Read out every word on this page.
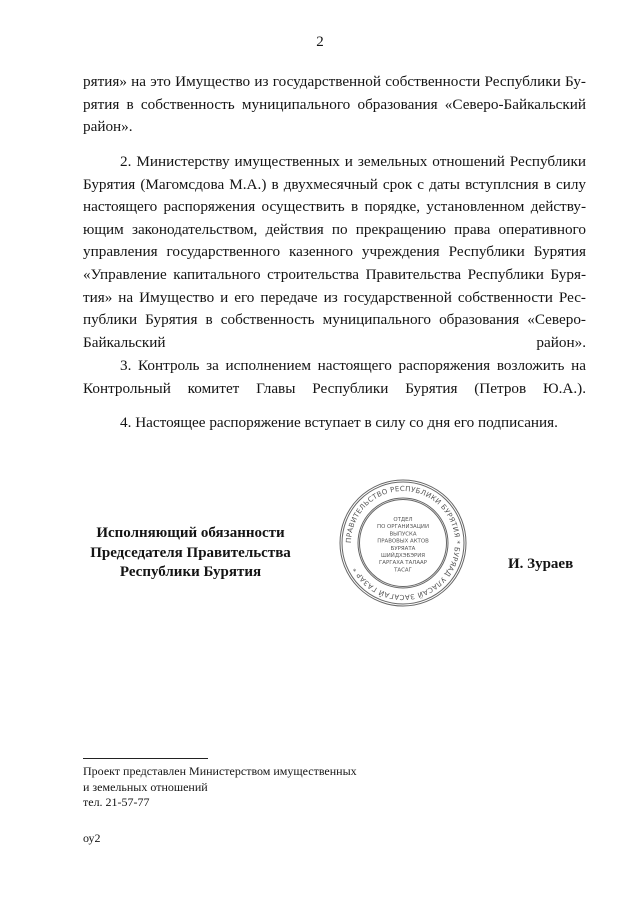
2

рятия» на это Имущество из государственной собственности Республики Бу- рятия в собственность муниципального образования «Северо-Байкальский район».

2. Министерству имущественных и земельных отношений Республики Бурятия (Магомсдова М.А.) в двухмесячный срок с даты вступлсния в силу настоящего распоряжения осуществить в порядке, установленном действу- ющим законодательством, действия по прекращению права оперативного управления государственного казенного учреждения Республики Бурятия «Управление капитального строительства Правительства Республики Буря- тия» на Имущество и его передаче из государственной собственности Рес- публики Бурятия в собственность муниципального образования «Северо- Байкальский район».

3. Контроль за исполнением настоящего распоряжения возложить на Контрольный комитет Главы Республики Бурятия (Петров Ю.А.).

4. Настоящее распоряжение вступает в силу со дня его подписания.

Исполняющий обязанности
Председателя Правительства
Республики Бурятия
ПРАВИТЕЛЬСТВО РЕСПУБЛИКИ БУРЯТИЯ * БУРЯАД УЛАСАЙ ЗАСАГАЙ ГАЗАР *
ОТДЕЛ
ПО ОРГАНИЗАЦИИ
ВЫПУСКА
ПРАВОВЫХ АКТОВ
БУРЯАТА
ШИЙДХЭБЭРИЯ
ГАРГАХА ТАЛААР
ТАСАГ	И. Зураев
Проект представлен Министерством имущественных
и земельных отношений
тел. 21-57-77
оу2
